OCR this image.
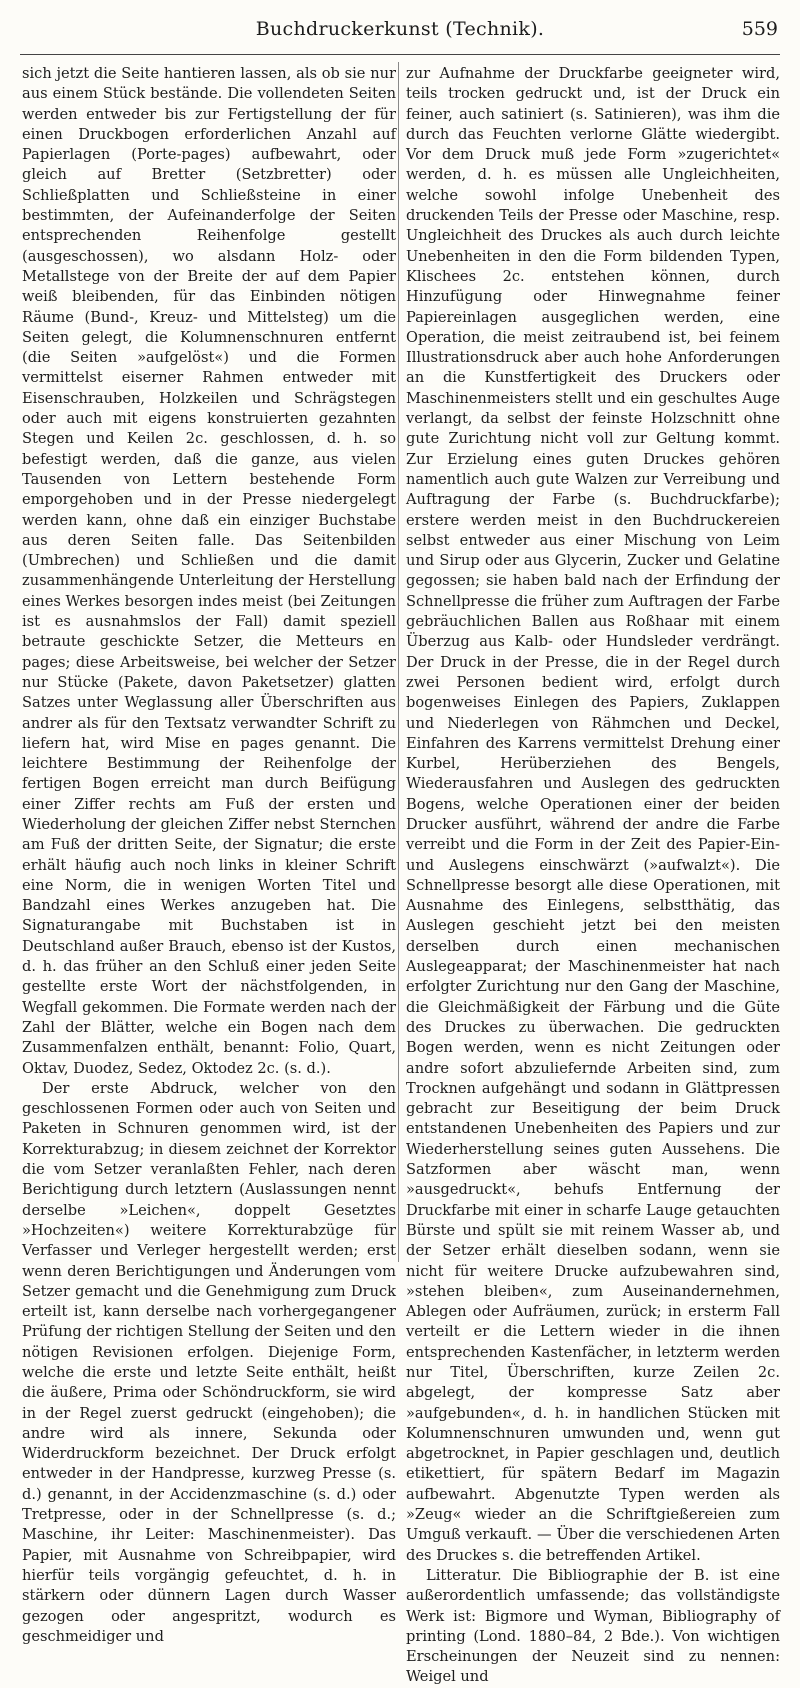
Buchdruckerkunst (Technik).	559

sich jetzt die Seite hantieren lassen, als ob sie nur aus einem Stück bestände. Die vollendeten Seiten werden entweder bis zur Fertigstellung der für einen Druckbogen erforderlichen Anzahl auf Papierlagen (Porte-pages) aufbewahrt, oder gleich auf Bretter (Setzbretter) oder Schließplatten und Schließsteine in einer bestimmten, der Aufeinanderfolge der Seiten entsprechenden Reihenfolge gestellt (ausgeschossen), wo alsdann Holz- oder Metallstege von der Breite der auf dem Papier weiß bleibenden, für das Einbinden nötigen Räume (Bund-, Kreuz- und Mittelsteg) um die Seiten gelegt, die Kolumnenschnuren entfernt (die Seiten »aufgelöst«) und die Formen vermittelst eiserner Rahmen entweder mit Eisenschrauben, Holzkeilen und Schrägstegen oder auch mit eigens konstruierten gezahnten Stegen und Keilen 2c. geschlossen, d. h. so befestigt werden, daß die ganze, aus vielen Tausenden von Lettern bestehende Form emporgehoben und in der Presse niedergelegt werden kann, ohne daß ein einziger Buchstabe aus deren Seiten falle. Das Seitenbilden (Umbrechen) und Schließen und die damit zusammenhängende Unterleitung der Herstellung eines Werkes besorgen indes meist (bei Zeitungen ist es ausnahmslos der Fall) damit speziell betraute geschickte Setzer, die Metteurs en pages; diese Arbeitsweise, bei welcher der Setzer nur Stücke (Pakete, davon Paketsetzer) glatten Satzes unter Weglassung aller Überschriften aus andrer als für den Textsatz verwandter Schrift zu liefern hat, wird Mise en pages genannt. Die leichtere Bestimmung der Reihenfolge der fertigen Bogen erreicht man durch Beifügung einer Ziffer rechts am Fuß der ersten und Wiederholung der gleichen Ziffer nebst Sternchen am Fuß der dritten Seite, der Signatur; die erste erhält häufig auch noch links in kleiner Schrift eine Norm, die in wenigen Worten Titel und Bandzahl eines Werkes anzugeben hat. Die Signaturangabe mit Buchstaben ist in Deutschland außer Brauch, ebenso ist der Kustos, d. h. das früher an den Schluß einer jeden Seite gestellte erste Wort der nächstfolgenden, in Wegfall gekommen. Die Formate werden nach der Zahl der Blätter, welche ein Bogen nach dem Zusammenfalzen enthält, benannt: Folio, Quart, Oktav, Duodez, Sedez, Oktodez 2c. (s. d.).

Der erste Abdruck, welcher von den geschlossenen Formen oder auch von Seiten und Paketen in Schnuren genommen wird, ist der Korrekturabzug; in diesem zeichnet der Korrektor die vom Setzer veranlaßten Fehler, nach deren Berichtigung durch letztern (Auslassungen nennt derselbe »Leichen«, doppelt Gesetztes »Hochzeiten«) weitere Korrekturabzüge für Verfasser und Verleger hergestellt werden; erst wenn deren Berichtigungen und Änderungen vom Setzer gemacht und die Genehmigung zum Druck erteilt ist, kann derselbe nach vorhergegangener Prüfung der richtigen Stellung der Seiten und den nötigen Revisionen erfolgen. Diejenige Form, welche die erste und letzte Seite enthält, heißt die äußere, Prima oder Schöndruckform, sie wird in der Regel zuerst gedruckt (eingehoben); die andre wird als innere, Sekunda oder Widerdruckform bezeichnet. Der Druck erfolgt entweder in der Handpresse, kurzweg Presse (s. d.) genannt, in der Accidenzmaschine (s. d.) oder Tretpresse, oder in der Schnellpresse (s. d.; Maschine, ihr Leiter: Maschinenmeister). Das Papier, mit Ausnahme von Schreibpapier, wird hierfür teils vorgängig gefeuchtet, d. h. in stärkern oder dünnern Lagen durch Wasser gezogen oder angespritzt, wodurch es geschmeidiger und

zur Aufnahme der Druckfarbe geeigneter wird, teils trocken gedruckt und, ist der Druck ein feiner, auch satiniert (s. Satinieren), was ihm die durch das Feuchten verlorne Glätte wiedergibt. Vor dem Druck muß jede Form »zugerichtet« werden, d. h. es müssen alle Ungleichheiten, welche sowohl infolge Unebenheit des druckenden Teils der Presse oder Maschine, resp. Ungleichheit des Druckes als auch durch leichte Unebenheiten in den die Form bildenden Typen, Klischees 2c. entstehen können, durch Hinzufügung oder Hinwegnahme feiner Papiereinlagen ausgeglichen werden, eine Operation, die meist zeitraubend ist, bei feinem Illustrationsdruck aber auch hohe Anforderungen an die Kunstfertigkeit des Druckers oder Maschinenmeisters stellt und ein geschultes Auge verlangt, da selbst der feinste Holzschnitt ohne gute Zurichtung nicht voll zur Geltung kommt. Zur Erzielung eines guten Druckes gehören namentlich auch gute Walzen zur Verreibung und Auftragung der Farbe (s. Buchdruckfarbe); erstere werden meist in den Buchdruckereien selbst entweder aus einer Mischung von Leim und Sirup oder aus Glycerin, Zucker und Gelatine gegossen; sie haben bald nach der Erfindung der Schnellpresse die früher zum Auftragen der Farbe gebräuchlichen Ballen aus Roßhaar mit einem Überzug aus Kalb- oder Hundsleder verdrängt. Der Druck in der Presse, die in der Regel durch zwei Personen bedient wird, erfolgt durch bogenweises Einlegen des Papiers, Zuklappen und Niederlegen von Rähmchen und Deckel, Einfahren des Karrens vermittelst Drehung einer Kurbel, Herüberziehen des Bengels, Wiederausfahren und Auslegen des gedruckten Bogens, welche Operationen einer der beiden Drucker ausführt, während der andre die Farbe verreibt und die Form in der Zeit des Papier-Ein- und Auslegens einschwärzt (»aufwalzt«). Die Schnellpresse besorgt alle diese Operationen, mit Ausnahme des Einlegens, selbstthätig, das Auslegen geschieht jetzt bei den meisten derselben durch einen mechanischen Auslegeapparat; der Maschinenmeister hat nach erfolgter Zurichtung nur den Gang der Maschine, die Gleichmäßigkeit der Färbung und die Güte des Druckes zu überwachen. Die gedruckten Bogen werden, wenn es nicht Zeitungen oder andre sofort abzuliefernde Arbeiten sind, zum Trocknen aufgehängt und sodann in Glättpressen gebracht zur Beseitigung der beim Druck entstandenen Unebenheiten des Papiers und zur Wiederherstellung seines guten Aussehens. Die Satzformen aber wäscht man, wenn »ausgedruckt«, behufs Entfernung der Druckfarbe mit einer in scharfe Lauge getauchten Bürste und spült sie mit reinem Wasser ab, und der Setzer erhält dieselben sodann, wenn sie nicht für weitere Drucke aufzubewahren sind, »stehen bleiben«, zum Auseinandernehmen, Ablegen oder Aufräumen, zurück; in ersterm Fall verteilt er die Lettern wieder in die ihnen entsprechenden Kastenfächer, in letzterm werden nur Titel, Überschriften, kurze Zeilen 2c. abgelegt, der kompresse Satz aber »aufgebunden«, d. h. in handlichen Stücken mit Kolumnenschnuren umwunden und, wenn gut abgetrocknet, in Papier geschlagen und, deutlich etikettiert, für spätern Bedarf im Magazin aufbewahrt. Abgenutzte Typen werden als »Zeug« wieder an die Schriftgießereien zum Umguß verkauft. — Über die verschiedenen Arten des Druckes s. die betreffenden Artikel.

Litteratur. Die Bibliographie der B. ist eine außerordentlich umfassende; das vollständigste Werk ist: Bigmore und Wyman, Bibliography of printing (Lond. 1880–84, 2 Bde.). Von wichtigen Erscheinungen der Neuzeit sind zu nennen: Weigel und
